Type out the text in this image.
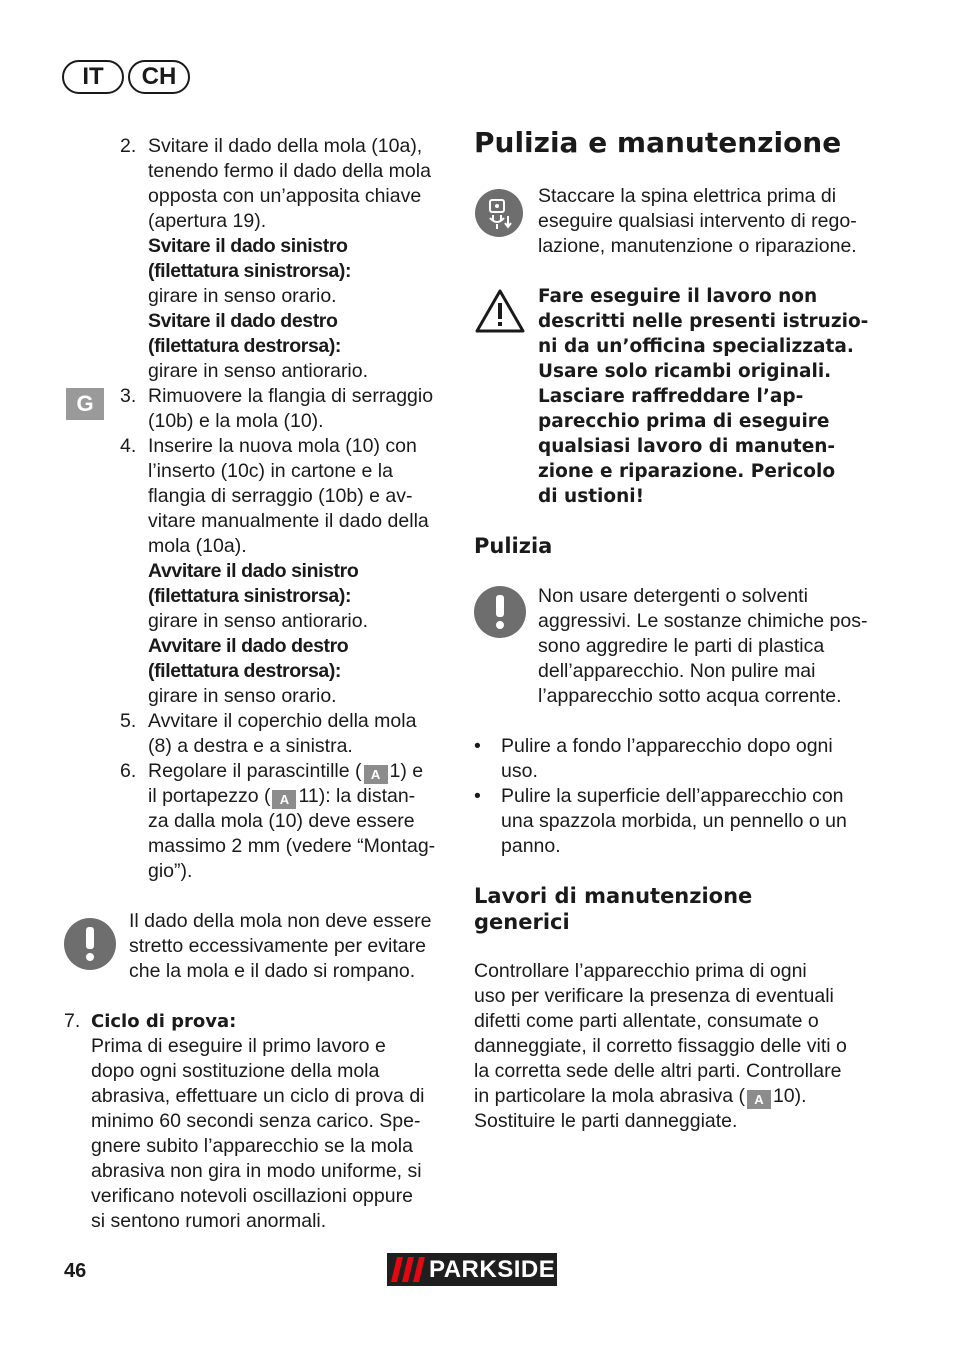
IT	CH
G
2. Svitare il dado della mola (10a),
tenendo fermo il dado della mola
opposta con un’apposita chiave
(apertura 19).
Svitare il dado sinistro
(filettatura sinistrorsa):
girare in senso orario.
Svitare il dado destro
(filettatura destrorsa):
girare in senso antiorario.
3. Rimuovere la flangia di serraggio
(10b) e la mola (10).
4. Inserire la nuova mola (10) con
l’inserto (10c) in cartone e la
flangia di serraggio (10b) e av-
vitare manualmente il dado della
mola (10a).
Avvitare il dado sinistro
(filettatura sinistrorsa):
girare in senso antiorario.
Avvitare il dado destro
(filettatura destrorsa):
girare in senso orario.
5. Avvitare il coperchio della mola
(8) a destra e a sinistra.
6. Regolare il parascintille ( A 1) e
il portapezzo ( A 11): la distan-
za dalla mola (10) deve essere
massimo 2 mm (vedere “Montag-
gio”).
Il dado della mola non deve essere
stretto eccessivamente per evitare
che la mola e il dado si rompano.
7. Ciclo di prova:
Prima di eseguire il primo lavoro e
dopo ogni sostituzione della mola
abrasiva, effettuare un ciclo di prova di
minimo 60 secondi senza carico. Spe-
gnere subito l’apparecchio se la mola
abrasiva non gira in modo uniforme, si
verificano notevoli oscillazioni oppure
si sentono rumori anormali.
Pulizia e manutenzione
Staccare la spina elettrica prima di
eseguire qualsiasi intervento di rego-
lazione, manutenzione o riparazione.
Fare eseguire il lavoro non
descritti nelle presenti istruzio-
ni da un’officina specializzata.
Usare solo ricambi originali.
Lasciare raffreddare l’ap-
parecchio prima di eseguire
qualsiasi lavoro di manuten-
zione e riparazione. Pericolo
di ustioni!
Pulizia
Non usare detergenti o solventi
aggressivi. Le sostanze chimiche pos-
sono aggredire le parti di plastica
dell’apparecchio. Non pulire mai
l’apparecchio sotto acqua corrente.
• Pulire a fondo l’apparecchio dopo ogni
uso.
• Pulire la superficie dell’apparecchio con
una spazzola morbida, un pennello o un
panno.
Lavori di manutenzione
generici
Controllare l’apparecchio prima di ogni
uso per verificare la presenza di eventuali
difetti come parti allentate, consumate o
danneggiate, il corretto fissaggio delle viti o
la corretta sede delle altri parti. Controllare
in particolare la mola abrasiva ( A 10).
Sostituire le parti danneggiate.
46	PARKSIDE
